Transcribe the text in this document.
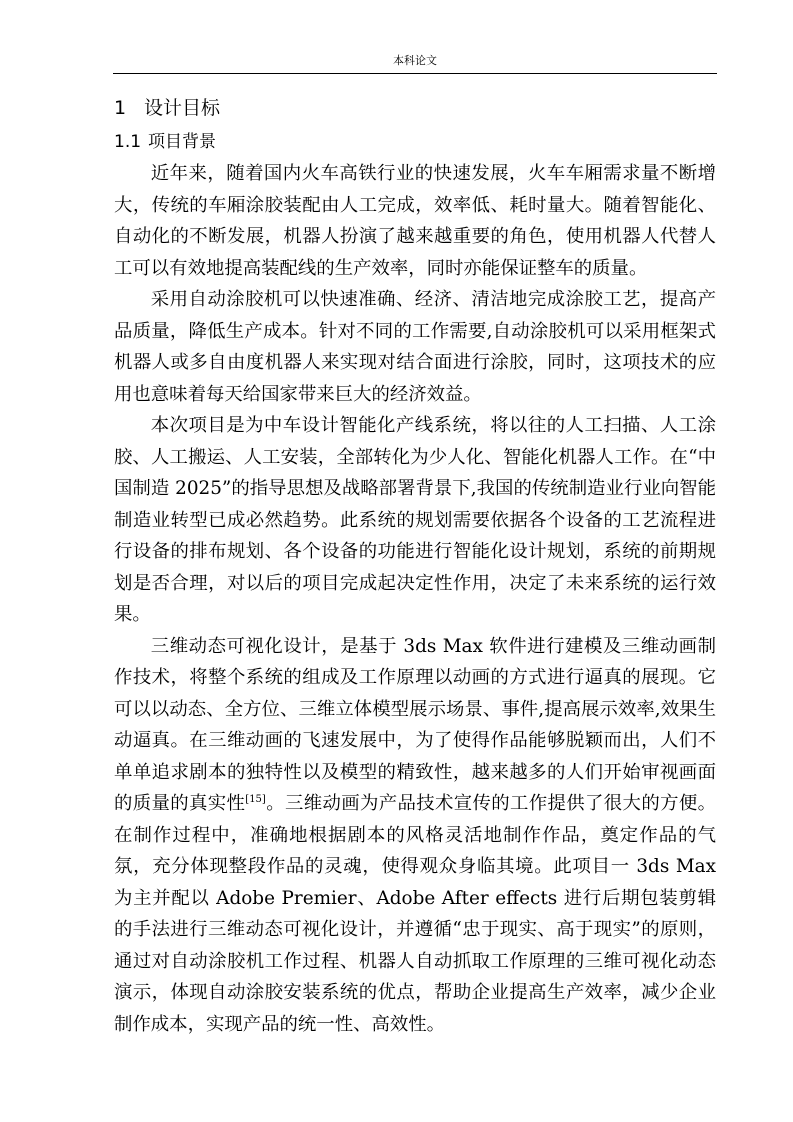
本科论文
1 设计目标
1.1 项目背景

近年来，随着国内火车高铁行业的快速发展，火车车厢需求量不断增大，传统的车厢涂胶装配由人工完成，效率低、耗时量大。随着智能化、自动化的不断发展，机器人扮演了越来越重要的角色，使用机器人代替人工可以有效地提高装配线的生产效率，同时亦能保证整车的质量。

采用自动涂胶机可以快速准确、经济、清洁地完成涂胶工艺，提高产品质量，降低生产成本。针对不同的工作需要,自动涂胶机可以采用框架式机器人或多自由度机器人来实现对结合面进行涂胶，同时，这项技术的应用也意味着每天给国家带来巨大的经济效益。

本次项目是为中车设计智能化产线系统，将以往的人工扫描、人工涂胶、人工搬运、人工安装，全部转化为少人化、智能化机器人工作。在“中国制造 2025”的指导思想及战略部署背景下,我国的传统制造业行业向智能制造业转型已成必然趋势。此系统的规划需要依据各个设备的工艺流程进行设备的排布规划、各个设备的功能进行智能化设计规划，系统的前期规划是否合理，对以后的项目完成起决定性作用，决定了未来系统的运行效果。

三维动态可视化设计，是基于 3ds Max 软件进行建模及三维动画制作技术，将整个系统的组成及工作原理以动画的方式进行逼真的展现。它可以以动态、全方位、三维立体模型展示场景、事件,提高展示效率,效果生动逼真。在三维动画的飞速发展中，为了使得作品能够脱颖而出，人们不单单追求剧本的独特性以及模型的精致性，越来越多的人们开始审视画面的质量的真实性[15]。三维动画为产品技术宣传的工作提供了很大的方便。在制作过程中，准确地根据剧本的风格灵活地制作作品，奠定作品的气氛，充分体现整段作品的灵魂，使得观众身临其境。此项目一 3ds Max 为主并配以 Adobe Premier、Adobe After effects 进行后期包装剪辑的手法进行三维动态可视化设计，并遵循“忠于现实、高于现实”的原则，通过对自动涂胶机工作过程、机器人自动抓取工作原理的三维可视化动态演示，体现自动涂胶安装系统的优点，帮助企业提高生产效率，减少企业制作成本，实现产品的统一性、高效性。
